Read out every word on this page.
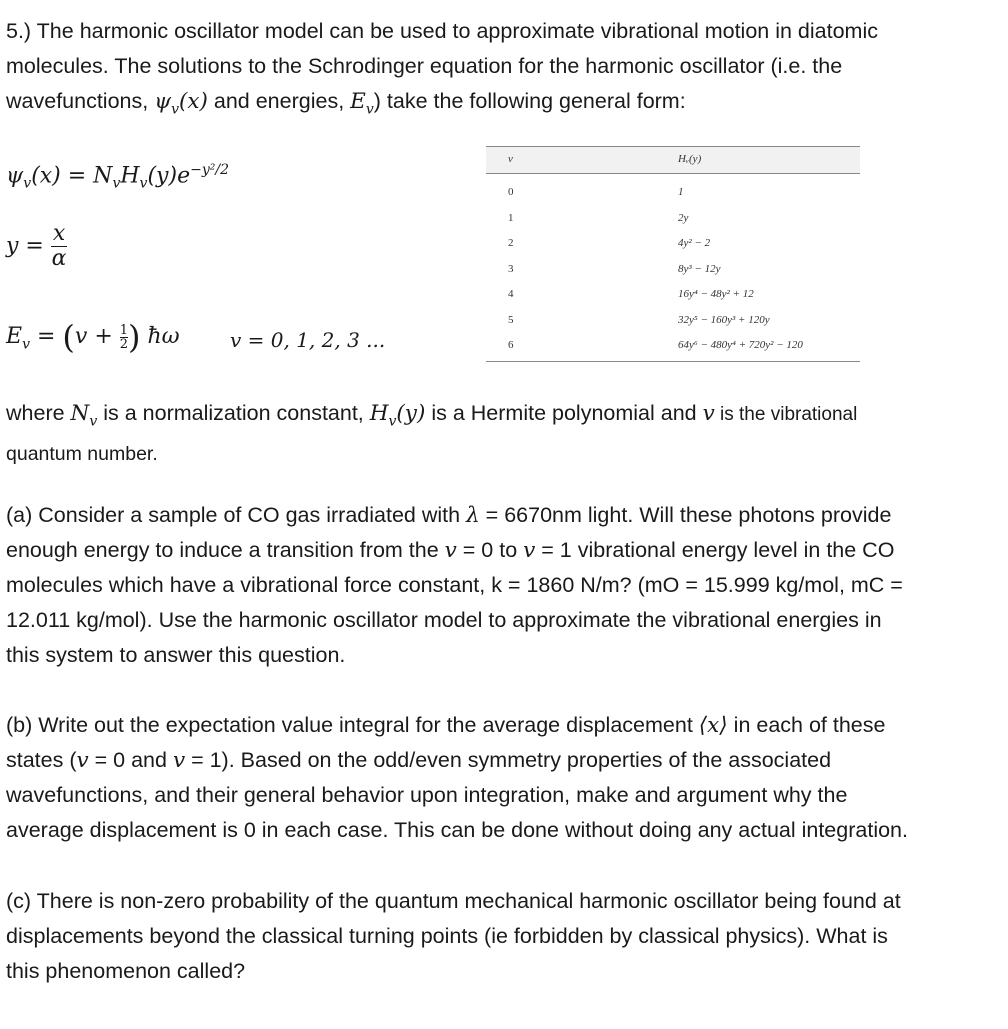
5.) The harmonic oscillator model can be used to approximate vibrational motion in diatomic
molecules. The solutions to the Schrodinger equation for the harmonic oscillator (i.e. the
wavefunctions, $\psi_v(x)$ and energies, $E_v$) take the following general form:
$\psi_v(x) = N_vH_v(y)e^{-y^2/2}$
$y = \frac{x}{\alpha}$
$E_v = (v + \frac{1}{2}$ ) ħω	v = 0, 1, 2, 3 ...
v	Hᵥ(y)
0	1
1	2y
2	4y² − 2
3	8y³ − 12y
4	16y⁴ − 48y² + 12
5	32y⁵ − 160y³ + 120y
6	64y⁶ − 480y⁴ + 720y² − 120
where $N_v$ is a normalization constant, $H_v(y)$ is a Hermite polynomial and v is the vibrational
quantum number.
(a) Consider a sample of CO gas irradiated with λ = 6670nm light. Will these photons provide
enough energy to induce a transition from the v = 0 to v = 1 vibrational energy level in the CO
molecules which have a vibrational force constant, k = 1860 N/m? (mO = 15.999 kg/mol, mC =
12.011 kg/mol). Use the harmonic oscillator model to approximate the vibrational energies in
this system to answer this question.
(b) Write out the expectation value integral for the average displacement ⟨x⟩ in each of these
states (v = 0 and v = 1). Based on the odd/even symmetry properties of the associated
wavefunctions, and their general behavior upon integration, make and argument why the
average displacement is 0 in each case. This can be done without doing any actual integration.
(c) There is non-zero probability of the quantum mechanical harmonic oscillator being found at
displacements beyond the classical turning points (ie forbidden by classical physics). What is
this phenomenon called?
